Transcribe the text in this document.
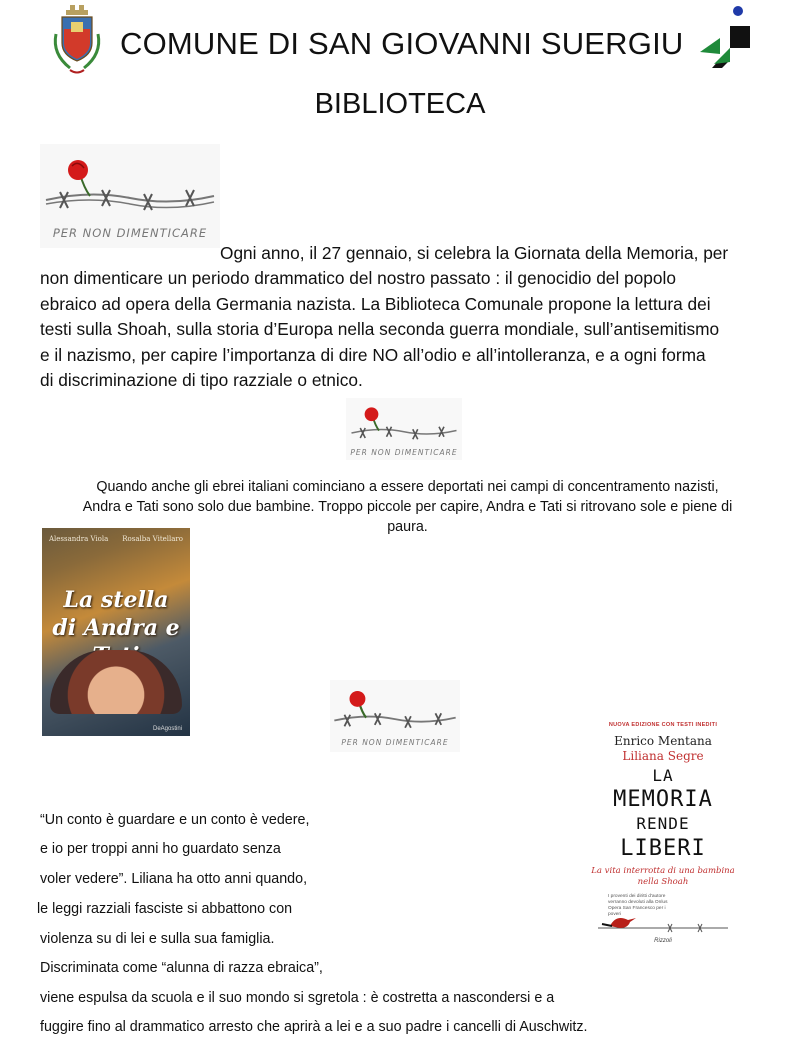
COMUNE DI SAN GIOVANNI SUERGIU
BIBLIOTECA
PER NON DIMENTICARE
Ogni anno, il 27 gennaio, si celebra la Giornata della Memoria, per
non dimenticare un periodo drammatico del nostro passato : il genocidio del popolo
ebraico ad opera della Germania nazista. La Biblioteca Comunale propone la lettura dei
testi sulla Shoah, sulla storia d’Europa nella seconda guerra mondiale, sull’antisemitismo
e il nazismo, per capire l’importanza di dire NO all’odio e all’intolleranza, e a ogni forma
di discriminazione di tipo razziale o etnico.
PER NON DIMENTICARE
Quando anche gli ebrei italiani cominciano a essere deportati nei campi di concentramento nazisti,
Andra e Tati sono solo due bambine. Troppo piccole per capire, Andra e Tati si ritrovano sole e piene di
paura.
Alessandra Viola Rosalba Vitellaro
La stella di Andra e
DeAgostini
PER NON DIMENTICARE
NUOVA EDIZIONE CON TESTI INEDITI
Enrico Mentana
Liliana Segre
LA
MEMORIA
RENDE
LIBERI
La vita interrotta di una bambina nella Shoah
I proventi dei diritti d'autore verranno devoluti alla Onlus Opera San Francesco per i poveri
Rizzoli
“Un conto è guardare e un conto è vedere,
e io per troppi anni ho guardato senza
voler vedere”. Liliana ha otto anni quando,
le leggi razziali fasciste si abbattono con
violenza su di lei e sulla sua famiglia.
Discriminata come “alunna di razza ebraica”,
viene espulsa da scuola e il suo mondo si sgretola : è costretta a nascondersi e a
fuggire fino al drammatico arresto che aprirà a lei e a suo padre i cancelli di Auschwitz.
